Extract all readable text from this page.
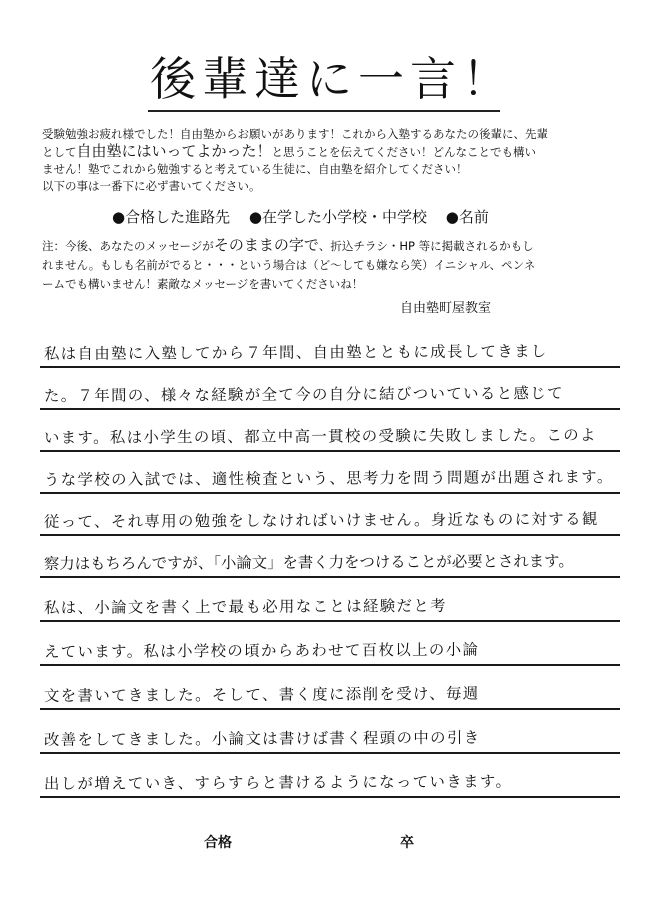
後輩達に一言！
受験勉強お疲れ様でした！自由塾からお願いがあります！これから入塾するあなたの後輩に、先輩
として自由塾にはいってよかった！と思うことを伝えてください！どんなことでも構い
ません！塾でこれから勉強すると考えている生徒に、自由塾を紹介してください！
以下の事は一番下に必ず書いてください。
●合格した進路先 ●在学した小学校・中学校 ●名前
注：今後、あなたのメッセージがそのままの字で、折込チラシ・HP 等に掲載されるかもし
れません。もしも名前がでると・・・という場合は（ど～しても嫌なら笑）イニシャル、ペンネ
ームでも構いません！素敵なメッセージを書いてくださいね！
自由塾町屋教室
私は自由塾に入塾してから７年間、自由塾とともに成長してきまし
た。７年間の、様々な経験が全て今の自分に結びついていると感じて
います。私は小学生の頃、都立中高一貫校の受験に失敗しました。このよ
うな学校の入試では、適性検査という、思考力を問う問題が出題されます。
従って、それ専用の勉強をしなければいけません。身近なものに対する観
察力はもちろんですが、「小論文」を書く力をつけることが必要とされます。
私は、小論文を書く上で最も必用なことは経験だと考
えています。私は小学校の頃からあわせて百枚以上の小論
文を書いてきました。そして、書く度に添削を受け、毎週
改善をしてきました。小論文は書けば書く程頭の中の引き
出しが増えていき、すらすらと書けるようになっていきます。
合格	卒
